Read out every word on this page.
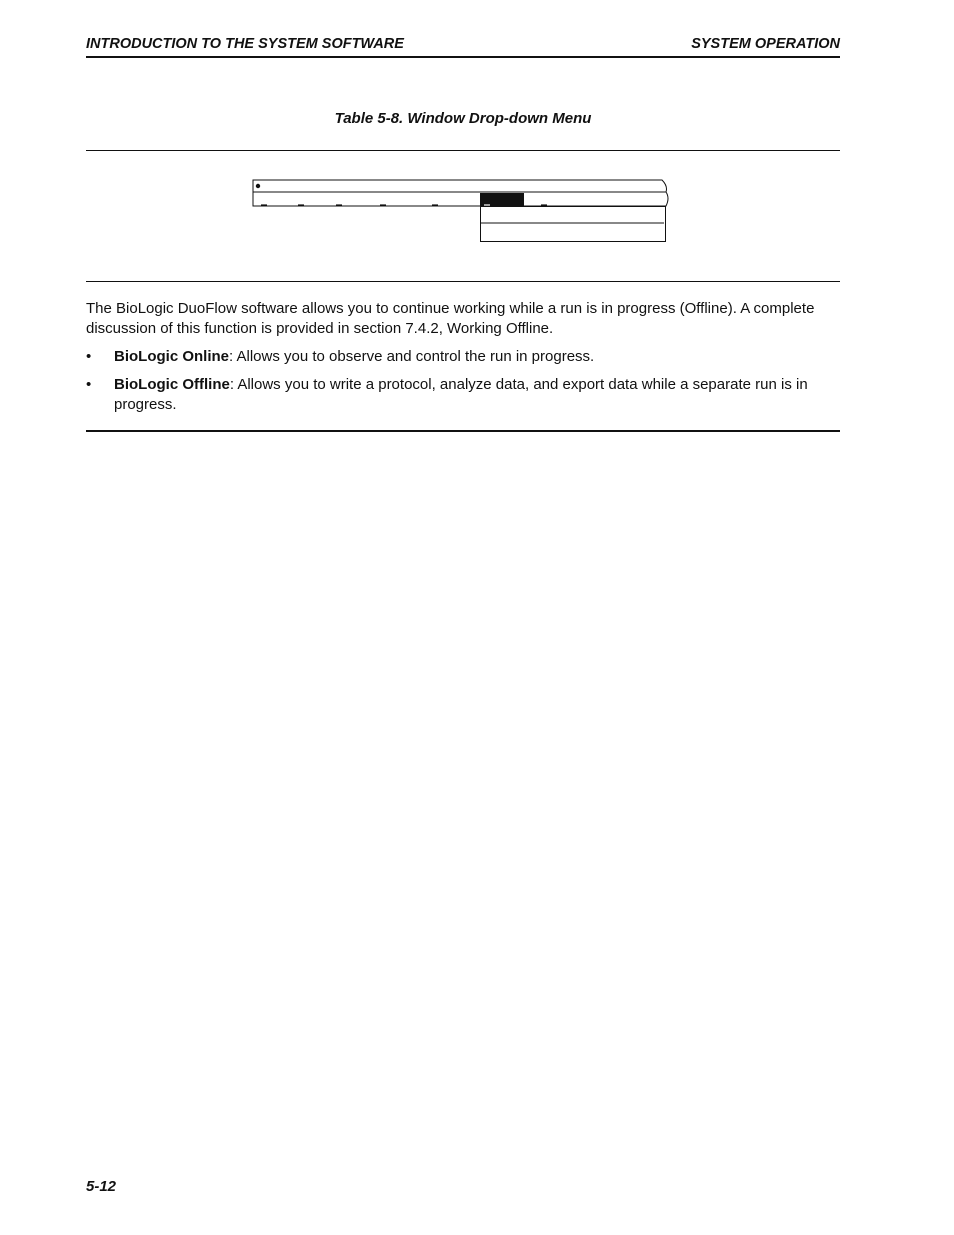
INTRODUCTION TO THE SYSTEM SOFTWARE	SYSTEM OPERATION
Table 5-8. Window Drop-down Menu

The BioLogic DuoFlow software allows you to continue working while a run is in progress (Offline). A complete discussion of this function is provided in section 7.4.2, Working Offline.

• BioLogic Online: Allows you to observe and control the run in progress.
• BioLogic Offline: Allows you to write a protocol, analyze data, and export data while a separate run is in progress.
5-12
